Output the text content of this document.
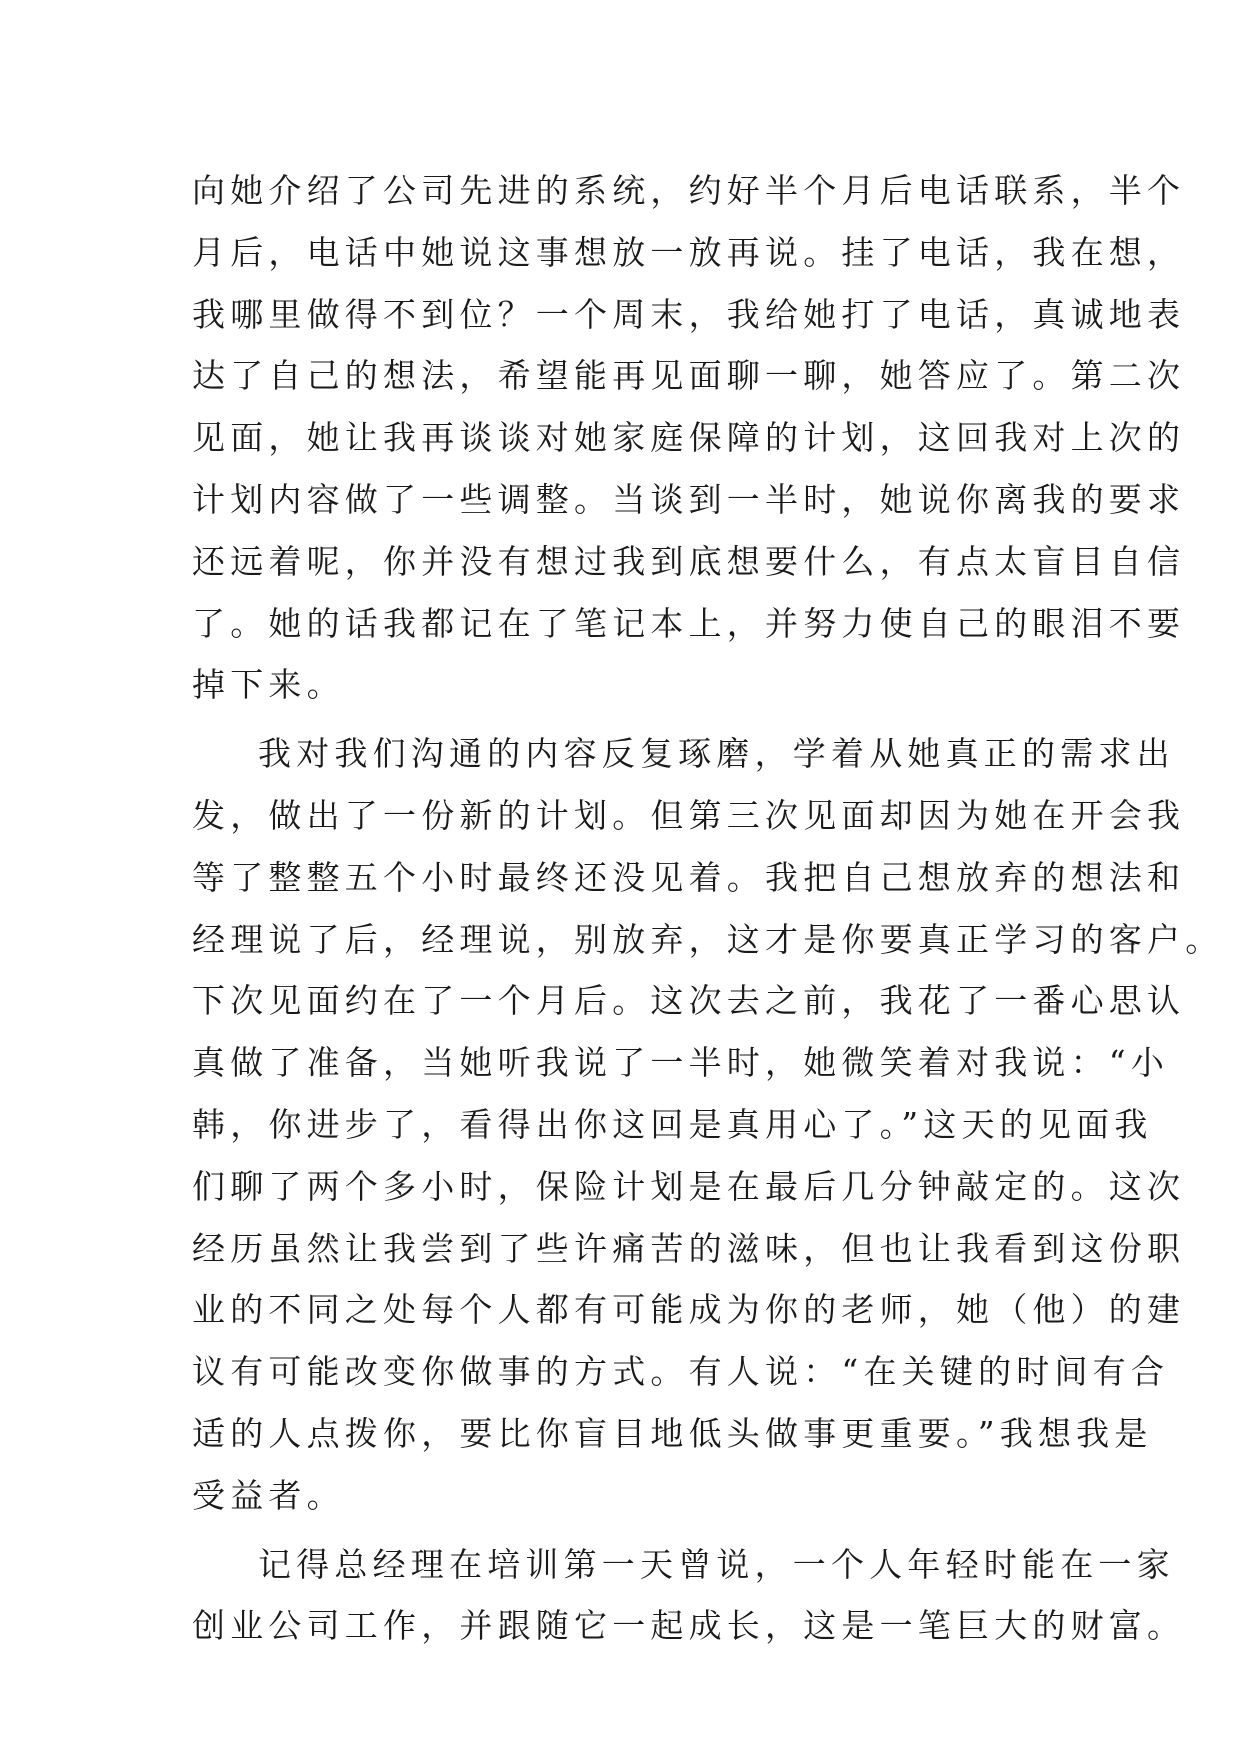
向她介绍了公司先进的系统，约好半个月后电话联系，半个
月后，电话中她说这事想放一放再说。挂了电话，我在想，
我哪里做得不到位？一个周末，我给她打了电话，真诚地表
达了自己的想法，希望能再见面聊一聊，她答应了。第二次
见面，她让我再谈谈对她家庭保障的计划，这回我对上次的
计划内容做了一些调整。当谈到一半时，她说你离我的要求
还远着呢，你并没有想过我到底想要什么，有点太盲目自信
了。她的话我都记在了笔记本上，并努力使自己的眼泪不要
掉下来。
我对我们沟通的内容反复琢磨，学着从她真正的需求出
发，做出了一份新的计划。但第三次见面却因为她在开会我
等了整整五个小时最终还没见着。我把自己想放弃的想法和
经理说了后，经理说，别放弃，这才是你要真正学习的客户。
下次见面约在了一个月后。这次去之前，我花了一番心思认
真做了准备，当她听我说了一半时，她微笑着对我说：“小
韩，你进步了，看得出你这回是真用心了。”这天的见面我
们聊了两个多小时，保险计划是在最后几分钟敲定的。这次
经历虽然让我尝到了些许痛苦的滋味，但也让我看到这份职
业的不同之处每个人都有可能成为你的老师，她（他）的建
议有可能改变你做事的方式。有人说：“在关键的时间有合
适的人点拨你，要比你盲目地低头做事更重要。”我想我是
受益者。
记得总经理在培训第一天曾说，一个人年轻时能在一家
创业公司工作，并跟随它一起成长，这是一笔巨大的财富。
